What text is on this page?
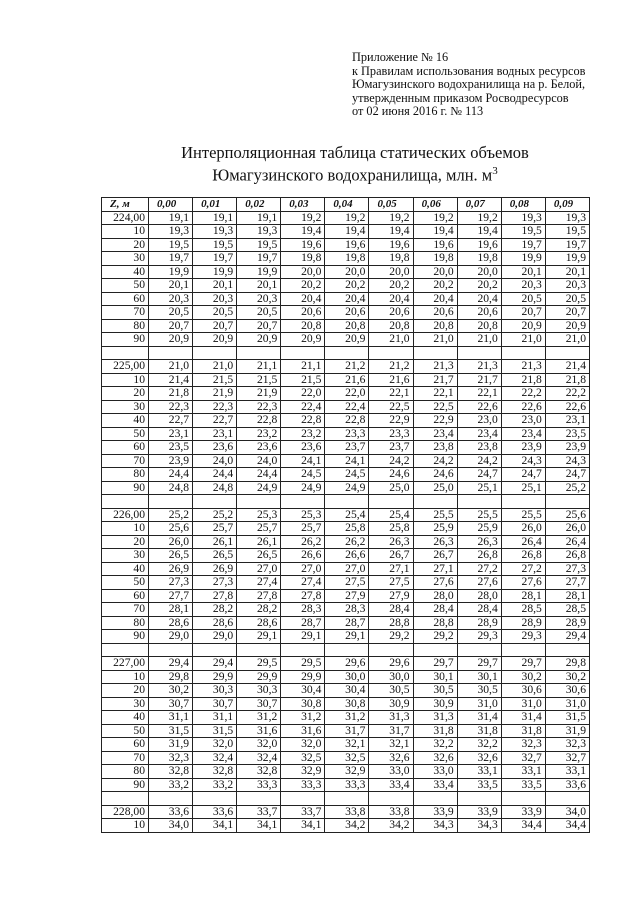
Приложение № 16
к Правилам использования водных ресурсов
Юмагузинского водохранилища на р. Белой,
утвержденным приказом Росводресурсов
от 02 июня 2016 г. № 113
Интерполяционная таблица статических объемов
Юмагузинского водохранилища, млн. $м^3$
Z, м	0,00	0,01	0,02	0,03	0,04	0,05	0,06	0,07	0,08	0,09
224,00	19,1	19,1	19,1	19,2	19,2	19,2	19,2	19,2	19,3	19,3
10	19,3	19,3	19,3	19,4	19,4	19,4	19,4	19,4	19,5	19,5
20	19,5	19,5	19,5	19,6	19,6	19,6	19,6	19,6	19,7	19,7
30	19,7	19,7	19,7	19,8	19,8	19,8	19,8	19,8	19,9	19,9
40	19,9	19,9	19,9	20,0	20,0	20,0	20,0	20,0	20,1	20,1
50	20,1	20,1	20,1	20,2	20,2	20,2	20,2	20,2	20,3	20,3
60	20,3	20,3	20,3	20,4	20,4	20,4	20,4	20,4	20,5	20,5
70	20,5	20,5	20,5	20,6	20,6	20,6	20,6	20,6	20,7	20,7
80	20,7	20,7	20,7	20,8	20,8	20,8	20,8	20,8	20,9	20,9
90	20,9	20,9	20,9	20,9	20,9	21,0	21,0	21,0	21,0	21,0

225,00	21,0	21,0	21,1	21,1	21,2	21,2	21,3	21,3	21,3	21,4
10	21,4	21,5	21,5	21,5	21,6	21,6	21,7	21,7	21,8	21,8
20	21,8	21,9	21,9	22,0	22,0	22,1	22,1	22,1	22,2	22,2
30	22,3	22,3	22,3	22,4	22,4	22,5	22,5	22,6	22,6	22,6
40	22,7	22,7	22,8	22,8	22,8	22,9	22,9	23,0	23,0	23,1
50	23,1	23,1	23,2	23,2	23,3	23,3	23,4	23,4	23,4	23,5
60	23,5	23,6	23,6	23,6	23,7	23,7	23,8	23,8	23,9	23,9
70	23,9	24,0	24,0	24,1	24,1	24,2	24,2	24,2	24,3	24,3
80	24,4	24,4	24,4	24,5	24,5	24,6	24,6	24,7	24,7	24,7
90	24,8	24,8	24,9	24,9	24,9	25,0	25,0	25,1	25,1	25,2

226,00	25,2	25,2	25,3	25,3	25,4	25,4	25,5	25,5	25,5	25,6
10	25,6	25,7	25,7	25,7	25,8	25,8	25,9	25,9	26,0	26,0
20	26,0	26,1	26,1	26,2	26,2	26,3	26,3	26,3	26,4	26,4
30	26,5	26,5	26,5	26,6	26,6	26,7	26,7	26,8	26,8	26,8
40	26,9	26,9	27,0	27,0	27,0	27,1	27,1	27,2	27,2	27,3
50	27,3	27,3	27,4	27,4	27,5	27,5	27,6	27,6	27,6	27,7
60	27,7	27,8	27,8	27,8	27,9	27,9	28,0	28,0	28,1	28,1
70	28,1	28,2	28,2	28,3	28,3	28,4	28,4	28,4	28,5	28,5
80	28,6	28,6	28,6	28,7	28,7	28,8	28,8	28,9	28,9	28,9
90	29,0	29,0	29,1	29,1	29,1	29,2	29,2	29,3	29,3	29,4

227,00	29,4	29,4	29,5	29,5	29,6	29,6	29,7	29,7	29,7	29,8
10	29,8	29,9	29,9	29,9	30,0	30,0	30,1	30,1	30,2	30,2
20	30,2	30,3	30,3	30,4	30,4	30,5	30,5	30,5	30,6	30,6
30	30,7	30,7	30,7	30,8	30,8	30,9	30,9	31,0	31,0	31,0
40	31,1	31,1	31,2	31,2	31,2	31,3	31,3	31,4	31,4	31,5
50	31,5	31,5	31,6	31,6	31,7	31,7	31,8	31,8	31,8	31,9
60	31,9	32,0	32,0	32,0	32,1	32,1	32,2	32,2	32,3	32,3
70	32,3	32,4	32,4	32,5	32,5	32,6	32,6	32,6	32,7	32,7
80	32,8	32,8	32,8	32,9	32,9	33,0	33,0	33,1	33,1	33,1
90	33,2	33,2	33,3	33,3	33,3	33,4	33,4	33,5	33,5	33,6

228,00	33,6	33,6	33,7	33,7	33,8	33,8	33,9	33,9	33,9	34,0
10	34,0	34,1	34,1	34,1	34,2	34,2	34,3	34,3	34,4	34,4
